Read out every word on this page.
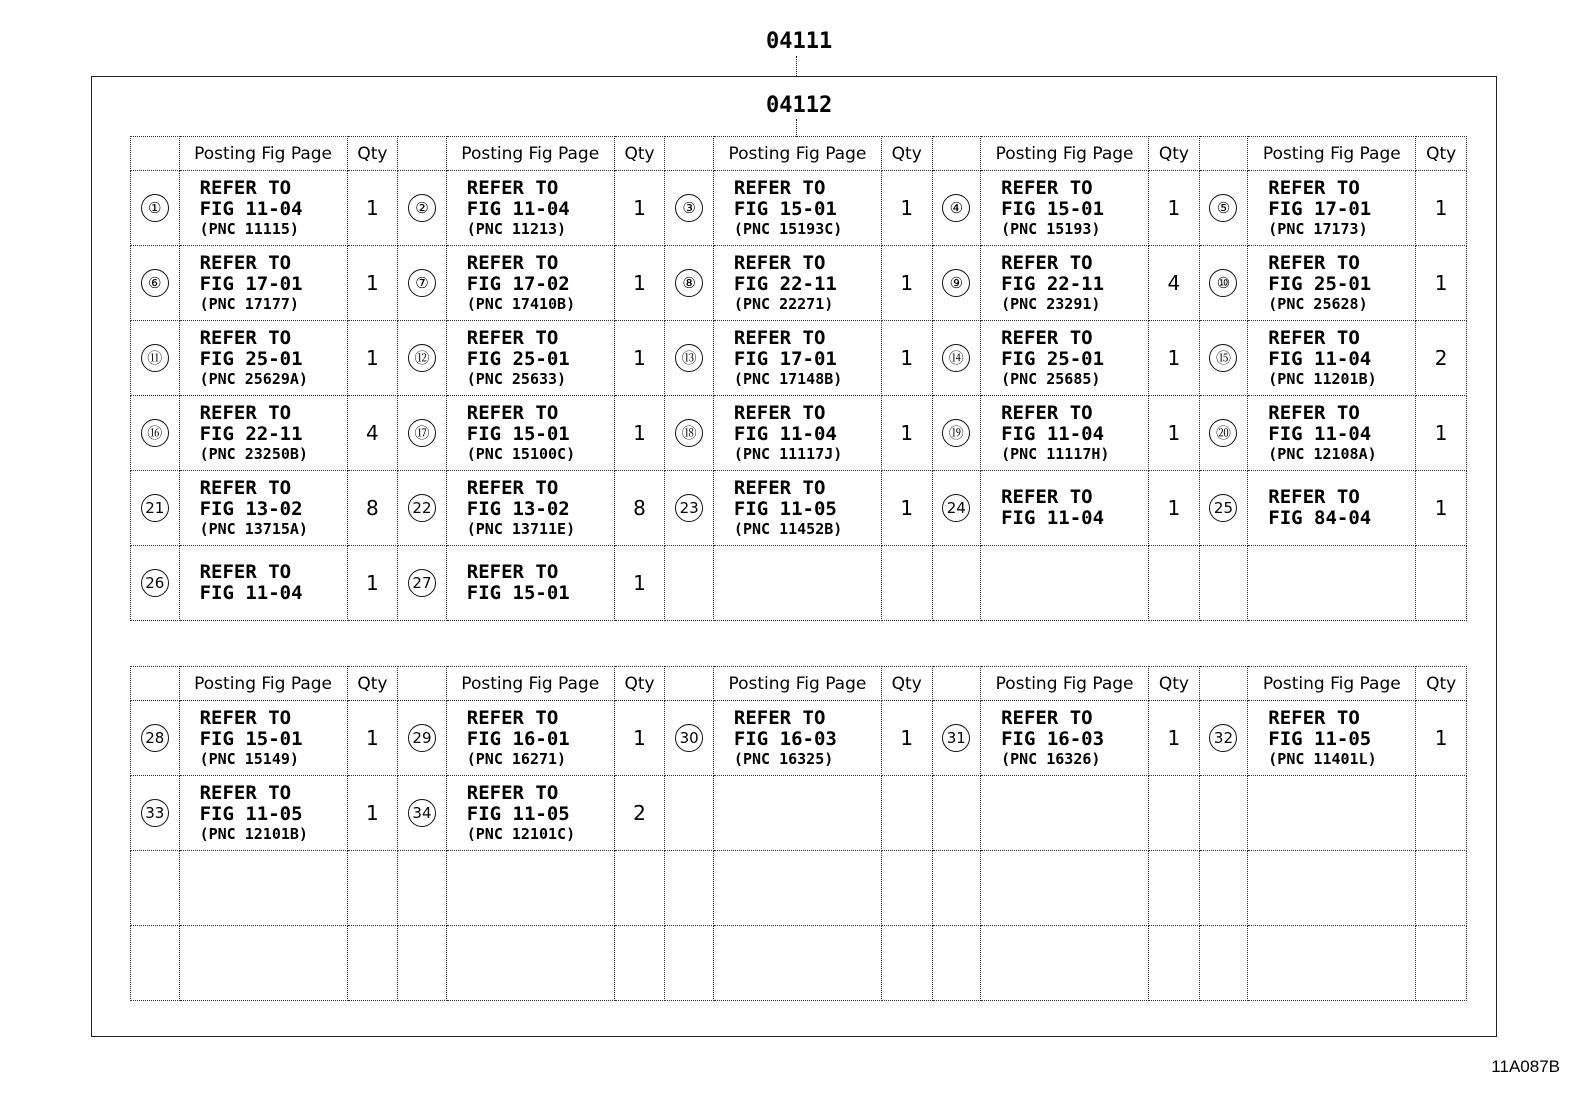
04111
04112
	Posting Fig Page	Qty		Posting Fig Page	Qty		Posting Fig Page	Qty		Posting Fig Page	Qty		Posting Fig Page	Qty
①	REFER TO
FIG 11-04
(PNC 11115)	1	②	REFER TO
FIG 11-04
(PNC 11213)	1	③	REFER TO
FIG 15-01
(PNC 15193C)	1	④	REFER TO
FIG 15-01
(PNC 15193)	1	⑤	REFER TO
FIG 17-01
(PNC 17173)	1
⑥	REFER TO
FIG 17-01
(PNC 17177)	1	⑦	REFER TO
FIG 17-02
(PNC 17410B)	1	⑧	REFER TO
FIG 22-11
(PNC 22271)	1	⑨	REFER TO
FIG 22-11
(PNC 23291)	4	⑩	REFER TO
FIG 25-01
(PNC 25628)	1
⑪	REFER TO
FIG 25-01
(PNC 25629A)	1	⑫	REFER TO
FIG 25-01
(PNC 25633)	1	⑬	REFER TO
FIG 17-01
(PNC 17148B)	1	⑭	REFER TO
FIG 25-01
(PNC 25685)	1	⑮	REFER TO
FIG 11-04
(PNC 11201B)	2
⑯	REFER TO
FIG 22-11
(PNC 23250B)	4	⑰	REFER TO
FIG 15-01
(PNC 15100C)	1	⑱	REFER TO
FIG 11-04
(PNC 11117J)	1	⑲	REFER TO
FIG 11-04
(PNC 11117H)	1	⑳	REFER TO
FIG 11-04
(PNC 12108A)	1
21	REFER TO
FIG 13-02
(PNC 13715A)	8	22	REFER TO
FIG 13-02
(PNC 13711E)	8	23	REFER TO
FIG 11-05
(PNC 11452B)	1	24	REFER TO
FIG 11-04	1	25	REFER TO
FIG 84-04	1
26	REFER TO
FIG 11-04	1	27	REFER TO
FIG 15-01	1									
	Posting Fig Page	Qty		Posting Fig Page	Qty		Posting Fig Page	Qty		Posting Fig Page	Qty		Posting Fig Page	Qty
28	REFER TO
FIG 15-01
(PNC 15149)	1	29	REFER TO
FIG 16-01
(PNC 16271)	1	30	REFER TO
FIG 16-03
(PNC 16325)	1	31	REFER TO
FIG 16-03
(PNC 16326)	1	32	REFER TO
FIG 11-05
(PNC 11401L)	1
33	REFER TO
FIG 11-05
(PNC 12101B)	1	34	REFER TO
FIG 11-05
(PNC 12101C)	2									

11A087B
